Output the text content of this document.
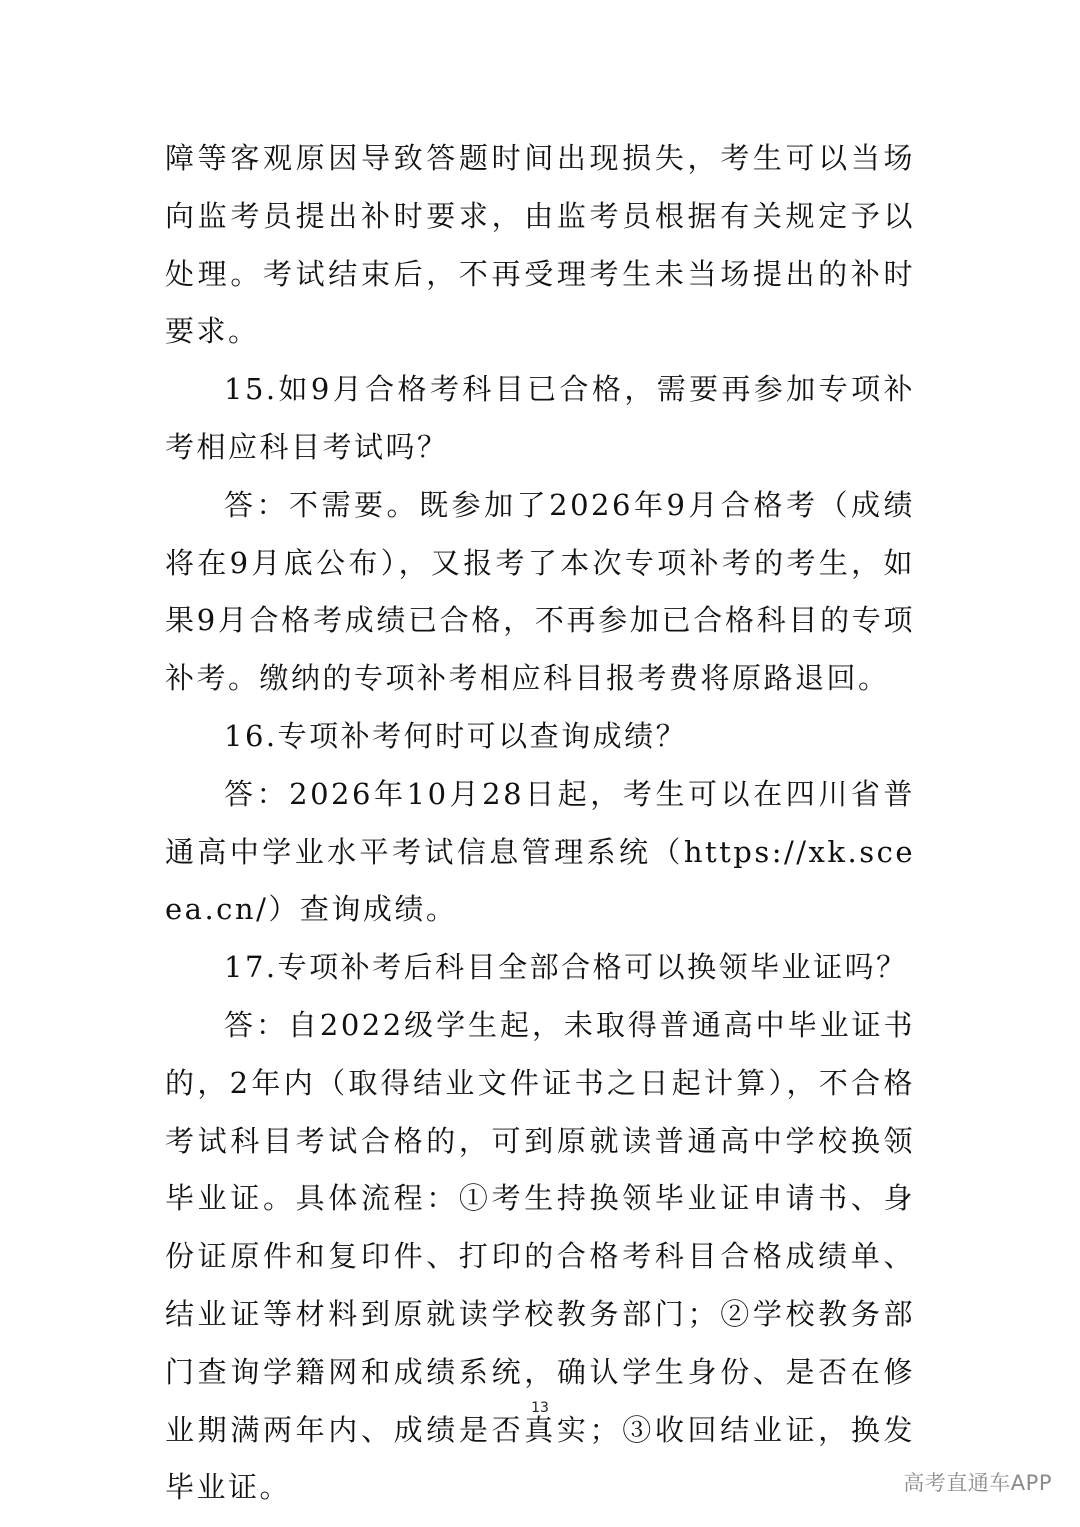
障等客观原因导致答题时间出现损失，考生可以当场向监考员提出补时要求，由监考员根据有关规定予以处理。考试结束后，不再受理考生未当场提出的补时要求。

15.如9月合格考科目已合格，需要再参加专项补考相应科目考试吗？

答：不需要。既参加了2026年9月合格考（成绩将在9月底公布），又报考了本次专项补考的考生，如果9月合格考成绩已合格，不再参加已合格科目的专项补考。缴纳的专项补考相应科目报考费将原路退回。

16.专项补考何时可以查询成绩？

答：2026年10月28日起，考生可以在四川省普通高中学业水平考试信息管理系统（https://xk.sceea.cn/）查询成绩。

17.专项补考后科目全部合格可以换领毕业证吗？

答：自2022级学生起，未取得普通高中毕业证书的，2年内（取得结业文件证书之日起计算），不合格考试科目考试合格的，可到原就读普通高中学校换领毕业证。具体流程：①考生持换领毕业证申请书、身份证原件和复印件、打印的合格考科目合格成绩单、结业证等材料到原就读学校教务部门；②学校教务部门查询学籍网和成绩系统，确认学生身份、是否在修业期满两年内、成绩是否真实；③收回结业证，换发毕业证。

13
高考直通车APP
